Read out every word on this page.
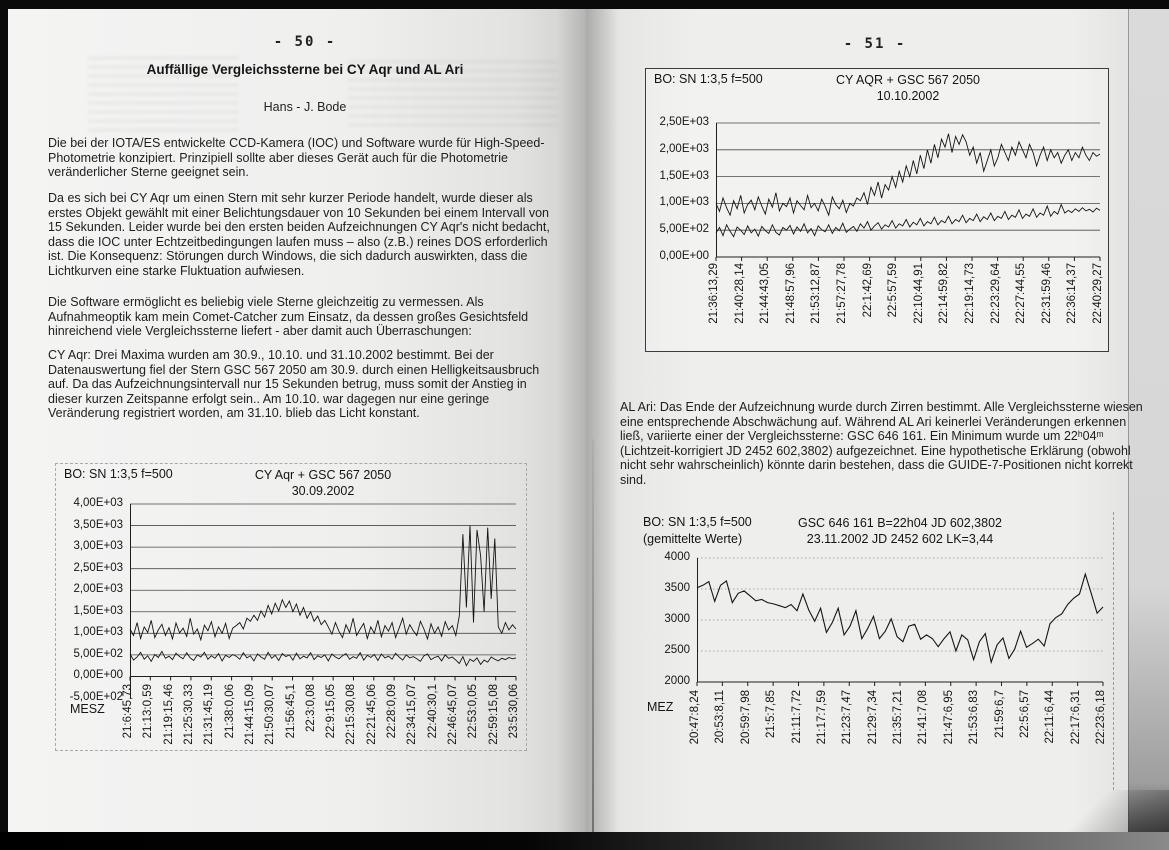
- 50 -
Auffällige Vergleichssterne bei CY Aqr und AL Ari
Hans - J. Bode
Die bei der IOTA/ES entwickelte CCD-Kamera (IOC) und Software wurde für High-Speed-Photometrie konzipiert. Prinzipiell sollte aber dieses Gerät auch für die Photometrie veränderlicher Sterne geeignet sein.
Da es sich bei CY Aqr um einen Stern mit sehr kurzer Periode handelt, wurde dieser als erstes Objekt gewählt mit einer Belichtungsdauer von 10 Sekunden bei einem Intervall von 15 Sekunden. Leider wurde bei den ersten beiden Aufzeichnungen CY Aqr's nicht bedacht, dass die IOC unter Echtzeitbedingungen laufen muss – also (z.B.) reines DOS erforderlich ist. Die Konsequenz: Störungen durch Windows, die sich dadurch auswirkten, dass die Lichtkurven eine starke Fluktuation aufwiesen.
Die Software ermöglicht es beliebig viele Sterne gleichzeitig zu vermessen. Als Aufnahmeoptik kam mein Comet-Catcher zum Einsatz, da dessen großes Gesichtsfeld hinreichend viele Vergleichssterne liefert - aber damit auch Überraschungen:
CY Aqr: Drei Maxima wurden am 30.9., 10.10. und 31.10.2002 bestimmt. Bei der Datenauswertung fiel der Stern GSC 567 2050 am 30.9. durch einen Helligkeitsausbruch auf. Da das Aufzeichnungsintervall nur 15 Sekunden betrug, muss somit der Anstieg in dieser kurzen Zeitspanne erfolgt sein.. Am 10.10. war dagegen nur eine geringe Veränderung registriert worden, am 31.10. blieb das Licht konstant.
- 51 -
AL Ari: Das Ende der Aufzeichnung wurde durch Zirren bestimmt. Alle Vergleichssterne wiesen eine entsprechende Abschwächung auf. Während AL Ari keinerlei Veränderungen erkennen ließ, variierte einer der Vergleichssterne: GSC 646 161. Ein Minimum wurde um 22ʰ04ᵐ (Lichtzeit-korrigiert JD 2452 602,3802) aufgezeichnet. Eine hypothetische Erklärung (obwohl nicht sehr wahrscheinlich) könnte darin bestehen, dass die GUIDE-7-Positionen nicht korrekt sind.
BO: SN 1:3,5 f=500	CY Aqr + GSC 567 2050
30.09.2002
4,00E+03
3,50E+03
3,00E+03
2,50E+03
2,00E+03
1,50E+03
1,00E+03
5,00E+02
0,00E+00
-5,00E+02
MESZ 21:6:45,73 21:13:0,59 21:19:15,46 21:25:30,33 21:31:45,19 21:38:0,06 21:44:15,09 21:50:30,07 21:56:45,1 22:3:0,08 22:9:15,05 22:15:30,08 22:21:45,06 22:28:0,09 22:34:15,07 22:40:30,1 22:46:45,07 22:53:0,05 22:59:15,08 23:5:30,06
BO: SN 1:3,5 f=500	CY AQR + GSC 567 2050
10.10.2002
2,50E+03
2,00E+03
1,50E+03
1,00E+03
5,00E+02
0,00E+00
21:36:13,29 21:40:28,14 21:44:43,05 21:48:57,96 21:53:12,87 21:57:27,78 22:1:42,69 22:5:57,59 22:10:44,91 22:14:59,82 22:19:14,73 22:23:29,64 22:27:44,55 22:31:59,46 22:36:14,37 22:40:29,27
BO: SN 1:3,5 f=500
(gemittelte Werte)
GSC 646 161 B=22h04 JD 602,3802
23.11.2002 JD 2452 602 LK=3,44
4000
3500
3000
2500
2000
MEZ 20:47:8,24 20:53:8,11 20:59:7,98 21:5:7,85 21:11:7,72 21:17:7,59 21:23:7,47 21:29:7,34 21:35:7,21 21:41:7,08 21:47:6,95 21:53:6,83 21:59:6,7 22:5:6,57 22:11:6,44 22:17:6,31 22:23:6,18
